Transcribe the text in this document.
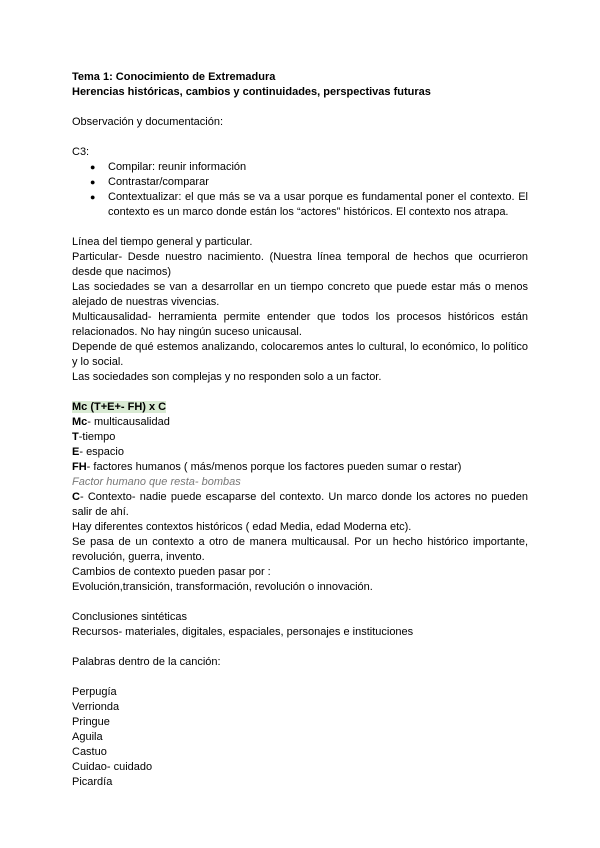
Tema 1: Conocimiento de Extremadura

Herencias históricas, cambios y continuidades, perspectivas futuras

Observación y documentación:

C3:

● Compilar: reunir información
● Contrastar/comparar
● Contextualizar: el que más se va a usar porque es fundamental poner el contexto. El contexto es un marco donde están los “actores” históricos. El contexto nos atrapa.

Línea del tiempo general y particular.

Particular- Desde nuestro nacimiento. (Nuestra línea temporal de hechos que ocurrieron desde que nacimos)

Las sociedades se van a desarrollar en un tiempo concreto que puede estar más o menos alejado de nuestras vivencias.

Multicausalidad- herramienta permite entender que todos los procesos históricos están relacionados. No hay ningún suceso unicausal.

Depende de qué estemos analizando, colocaremos antes lo cultural, lo económico, lo político y lo social.

Las sociedades son complejas y no responden solo a un factor.

Mc (T+E+- FH) x C

Mc- multicausalidad

T-tiempo

E- espacio

FH- factores humanos ( más/menos porque los factores pueden sumar o restar)

Factor humano que resta- bombas

C- Contexto- nadie puede escaparse del contexto. Un marco donde los actores no pueden salir de ahí.

Hay diferentes contextos históricos ( edad Media, edad Moderna etc).

Se pasa de un contexto a otro de manera multicausal. Por un hecho histórico importante, revolución, guerra, invento.

Cambios de contexto pueden pasar por :

Evolución,transición, transformación, revolución o innovación.

Conclusiones sintéticas

Recursos- materiales, digitales, espaciales, personajes e instituciones

Palabras dentro de la canción:

Perpugía

Verrionda

Pringue

Aguila

Castuo

Cuidao- cuidado

Picardía
